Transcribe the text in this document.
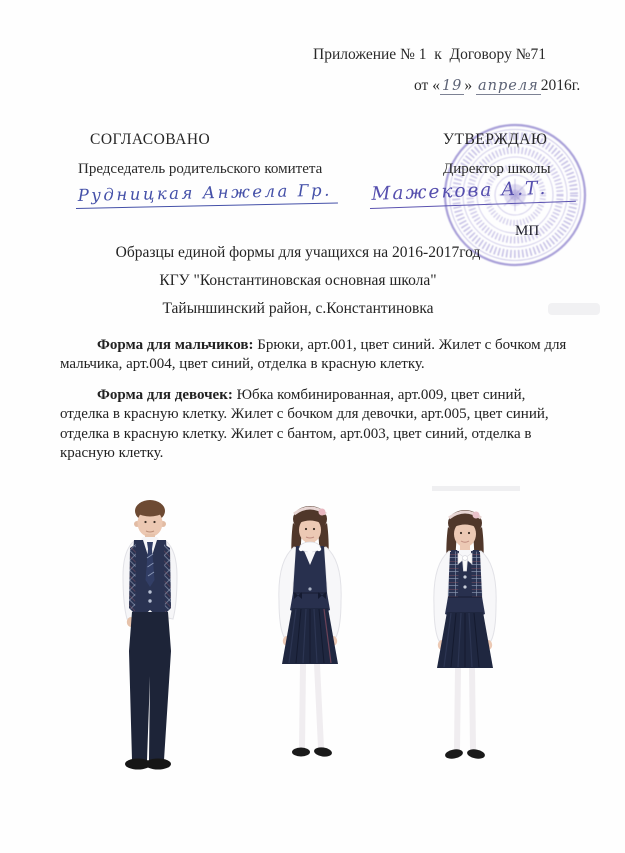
Приложение № 1  к  Договору №71
от « 19 » апреля 2016г.
СОГЛАСОВАНО	УТВЕРЖДАЮ
Председатель родительского комитета	Директор школы
Рудницкая Анжела Гр.	Мажекова А.Т.
МП
Образцы единой формы для учащихся на 2016-2017год
КГУ "Константиновская основная школа"
Тайыншинский район, с.Константиновка

Форма для мальчиков: Брюки, арт.001, цвет синий. Жилет с бочком для мальчика, арт.004, цвет синий, отделка в красную клетку.

Форма для девочек: Юбка комбинированная, арт.009, цвет синий, отделка в красную клетку. Жилет с бочком для девочки, арт.005, цвет синий, отделка в красную клетку. Жилет с бантом, арт.003, цвет синий, отделка в красную клетку.
